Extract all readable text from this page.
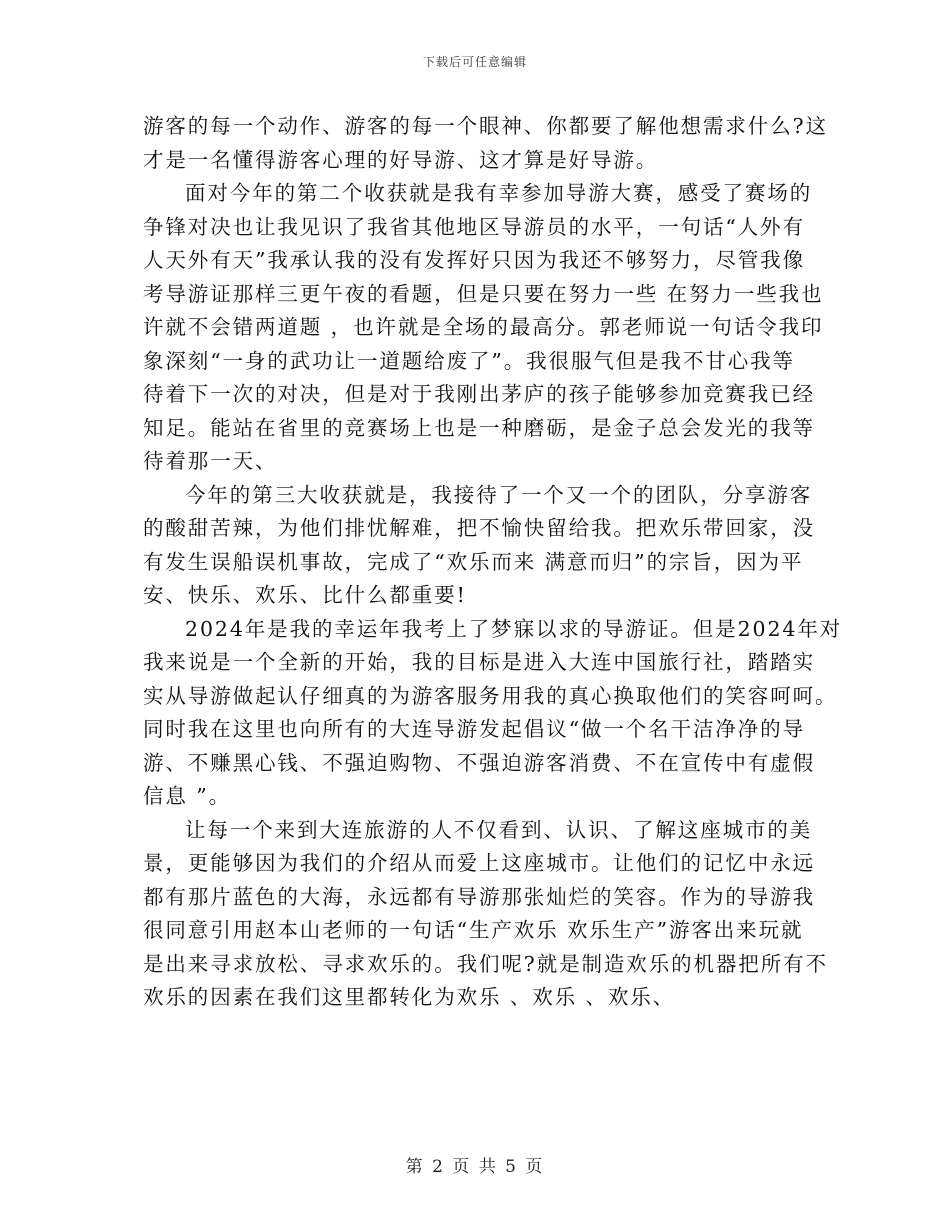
下载后可任意编辑
游客的每一个动作、游客的每一个眼神、你都要了解他想需求什么?这
才是一名懂得游客心理的好导游、这才算是好导游。
面对今年的第二个收获就是我有幸参加导游大赛，感受了赛场的
争锋对决也让我见识了我省其他地区导游员的水平，一句话“人外有
人天外有天”我承认我的没有发挥好只因为我还不够努力，尽管我像
考导游证那样三更午夜的看题，但是只要在努力一些 在努力一些我也
许就不会错两道题 ，也许就是全场的最高分。郭老师说一句话令我印
象深刻“一身的武功让一道题给废了”。我很服气但是我不甘心我等
待着下一次的对决，但是对于我刚出茅庐的孩子能够参加竞赛我已经
知足。能站在省里的竞赛场上也是一种磨砺，是金子总会发光的我等
待着那一天、
今年的第三大收获就是，我接待了一个又一个的团队，分享游客
的酸甜苦辣，为他们排忧解难，把不愉快留给我。把欢乐带回家，没
有发生误船误机事故，完成了“欢乐而来 满意而归”的宗旨，因为平
安、快乐、欢乐、比什么都重要!
2024年是我的幸运年我考上了梦寐以求的导游证。但是2024年对
我来说是一个全新的开始，我的目标是进入大连中国旅行社，踏踏实
实从导游做起认仔细真的为游客服务用我的真心换取他们的笑容呵呵。
同时我在这里也向所有的大连导游发起倡议“做一个名干洁净净的导
游、不赚黑心钱、不强迫购物、不强迫游客消费、不在宣传中有虚假
信息 ”。
让每一个来到大连旅游的人不仅看到、认识、了解这座城市的美
景，更能够因为我们的介绍从而爱上这座城市。让他们的记忆中永远
都有那片蓝色的大海，永远都有导游那张灿烂的笑容。作为的导游我
很同意引用赵本山老师的一句话“生产欢乐 欢乐生产”游客出来玩就
是出来寻求放松、寻求欢乐的。我们呢?就是制造欢乐的机器把所有不
欢乐的因素在我们这里都转化为欢乐 、欢乐 、欢乐、
第 2 页 共 5 页
